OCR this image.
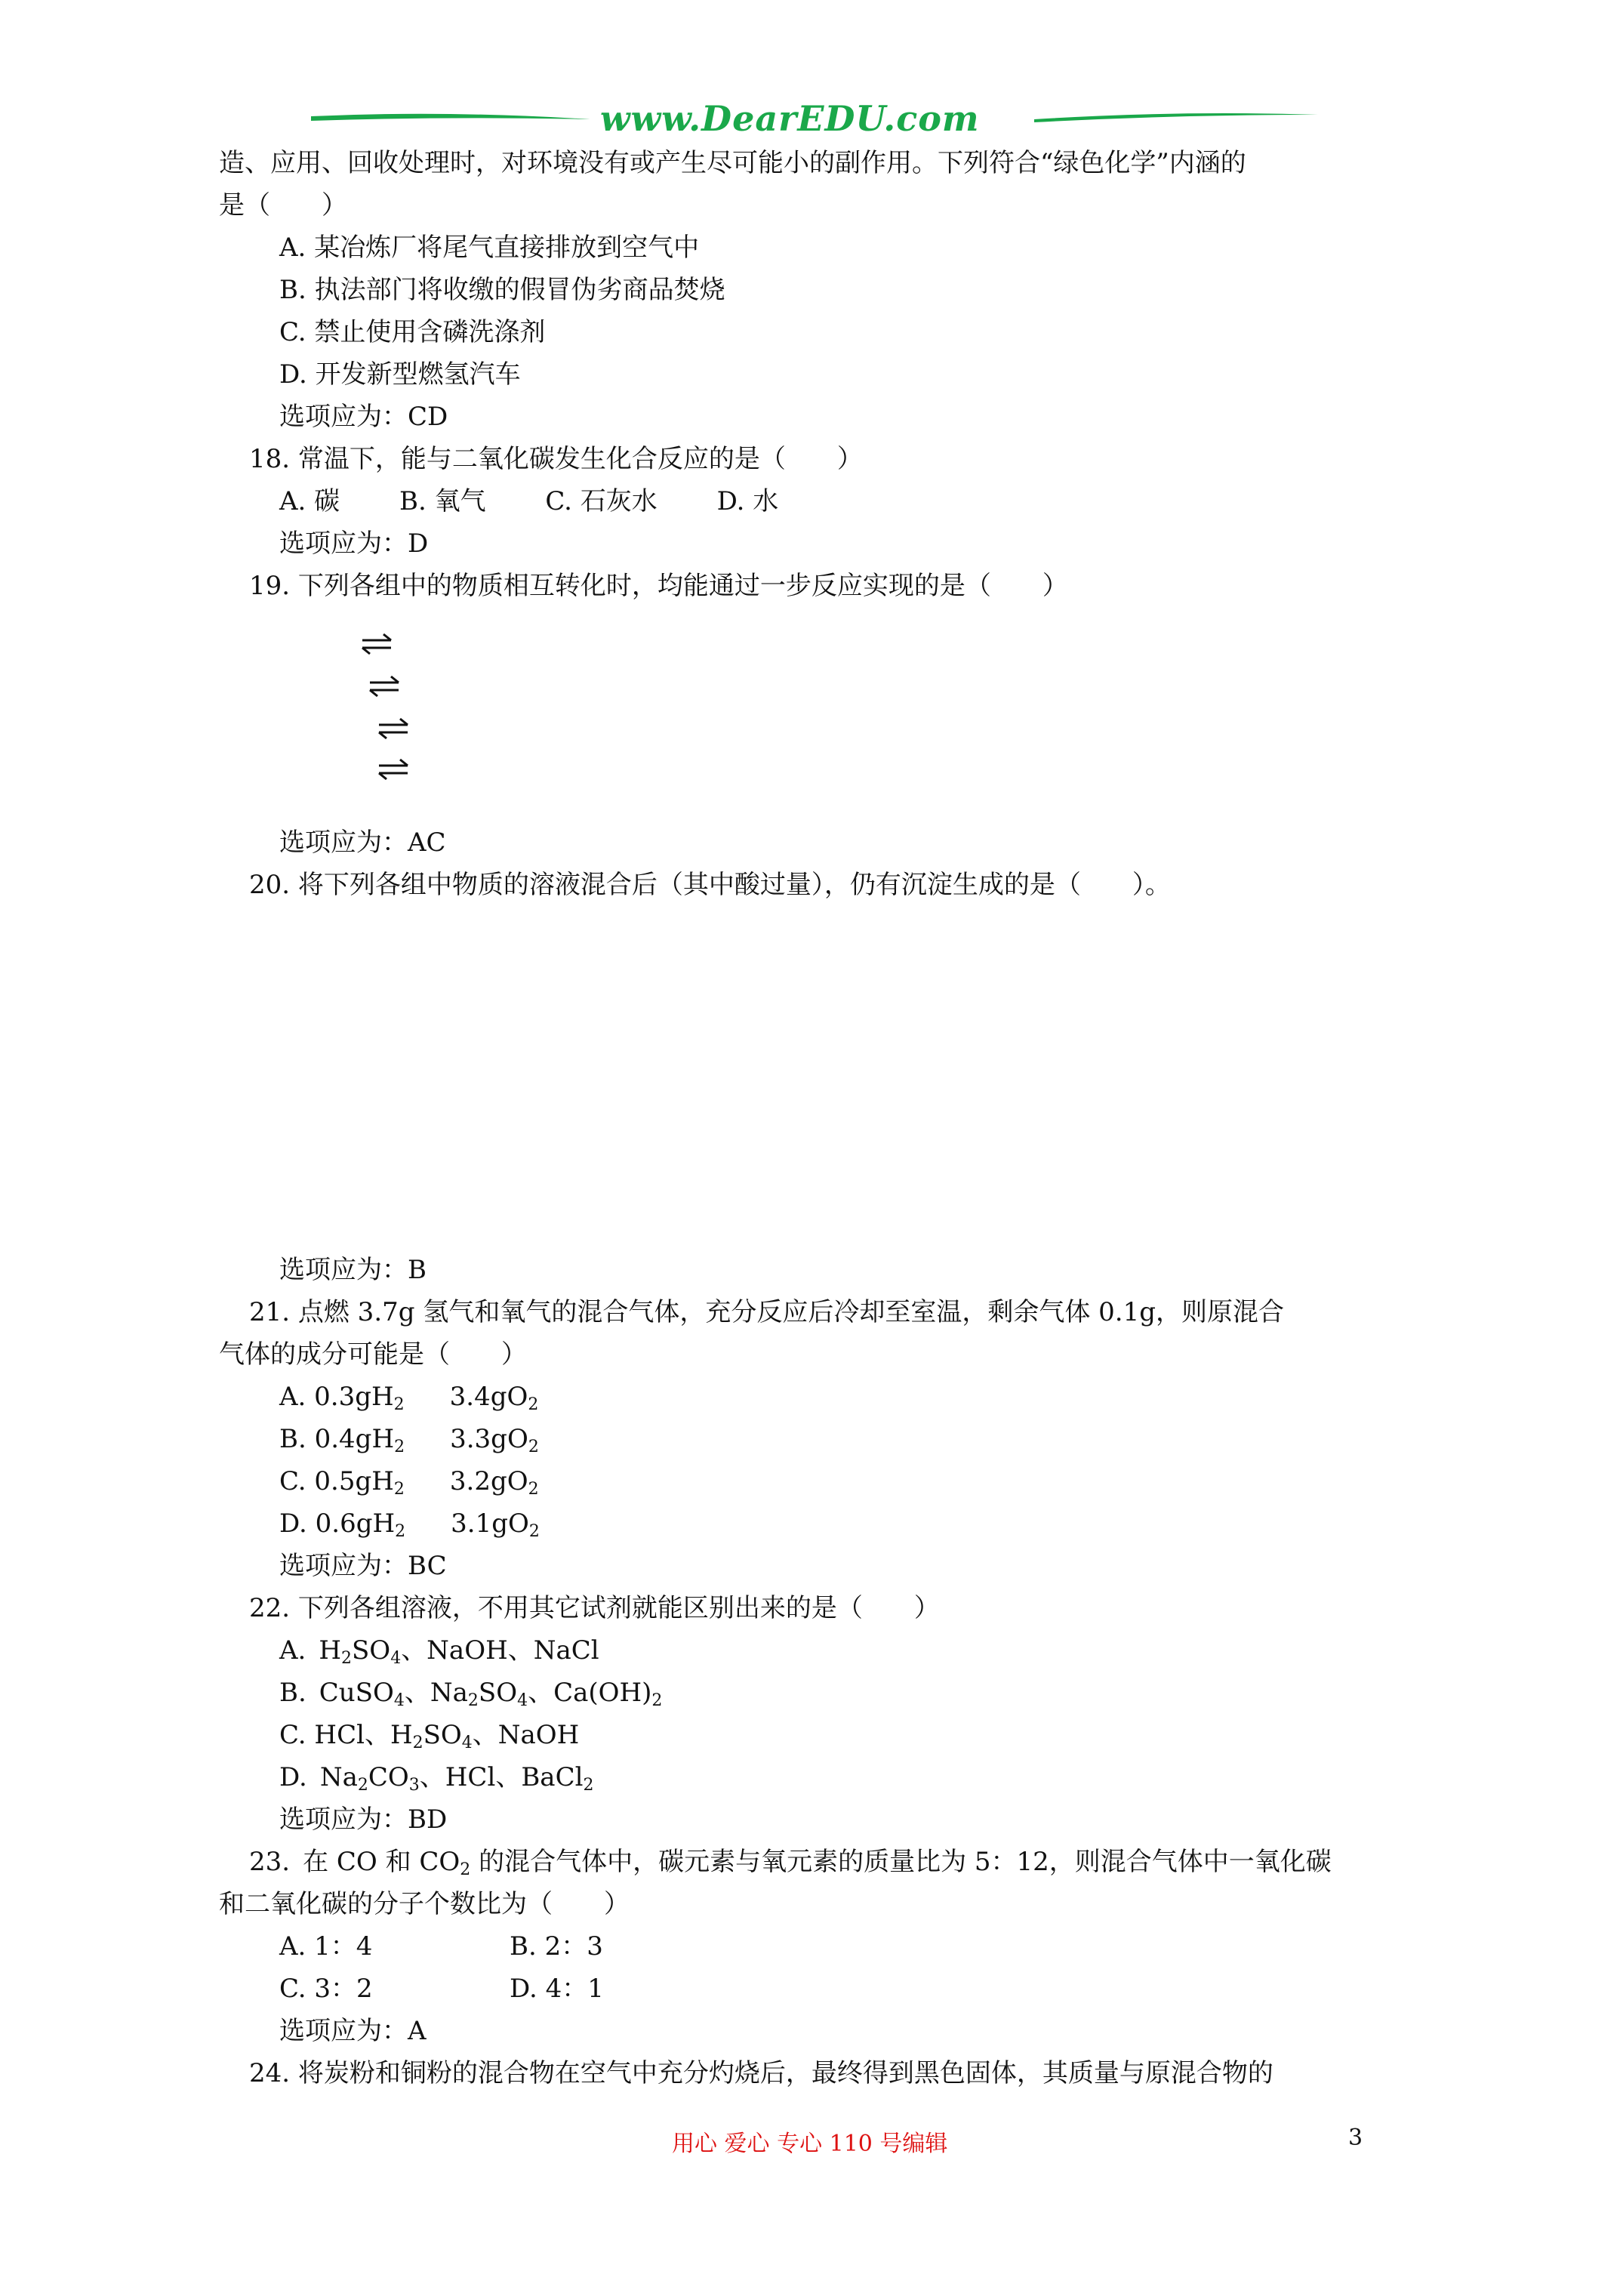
www.DearEDU.com
造、应用、回收处理时，对环境没有或产生尽可能小的副作用。下列符合“绿色化学”内涵的
是（　　）
A. 某冶炼厂将尾气直接排放到空气中
B. 执法部门将收缴的假冒伪劣商品焚烧
C. 禁止使用含磷洗涤剂
D. 开发新型燃氢汽车
选项应为：CD
18. 常温下，能与二氧化碳发生化合反应的是（　　）
A. 碳　　 B. 氧气　　 C. 石灰水　　 D. 水
选项应为：D
19. 下列各组中的物质相互转化时，均能通过一步反应实现的是（　　）
选项应为：AC
20. 将下列各组中物质的溶液混合后（其中酸过量），仍有沉淀生成的是（　　）。
选项应为：B
21. 点燃 3.7g 氢气和氧气的混合气体，充分反应后冷却至室温，剩余气体 0.1g，则原混合
气体的成分可能是（　　）
A. $0.3gH_2$ $3.4gO_2$
B. $0.4gH_2$ $3.3gO_2$
C. $0.5gH_2$ $3.2gO_2$
D. $0.6gH_2$ $3.1gO_2$
选项应为：BC
22. 下列各组溶液，不用其它试剂就能区别出来的是（　　）
A. $H_2SO_4$、NaOH、NaCl
B. CuSO$_4$、$Na_2SO_4$、$Ca(OH)_2$
C. HCl、$H_2SO_4$、NaOH
D. $Na_2CO_3$、HCl、BaCl$_2$
选项应为：BD
23. 在 CO 和 $CO_2$ 的混合气体中，碳元素与氧元素的质量比为 5：12，则混合气体中一氧化碳
和二氧化碳的分子个数比为（　　）
A. 1：4	B. 2：3
C. 3：2	D. 4：1
选项应为：A
24. 将炭粉和铜粉的混合物在空气中充分灼烧后，最终得到黑色固体，其质量与原混合物的
用心 爱心 专心 110 号编辑	3
